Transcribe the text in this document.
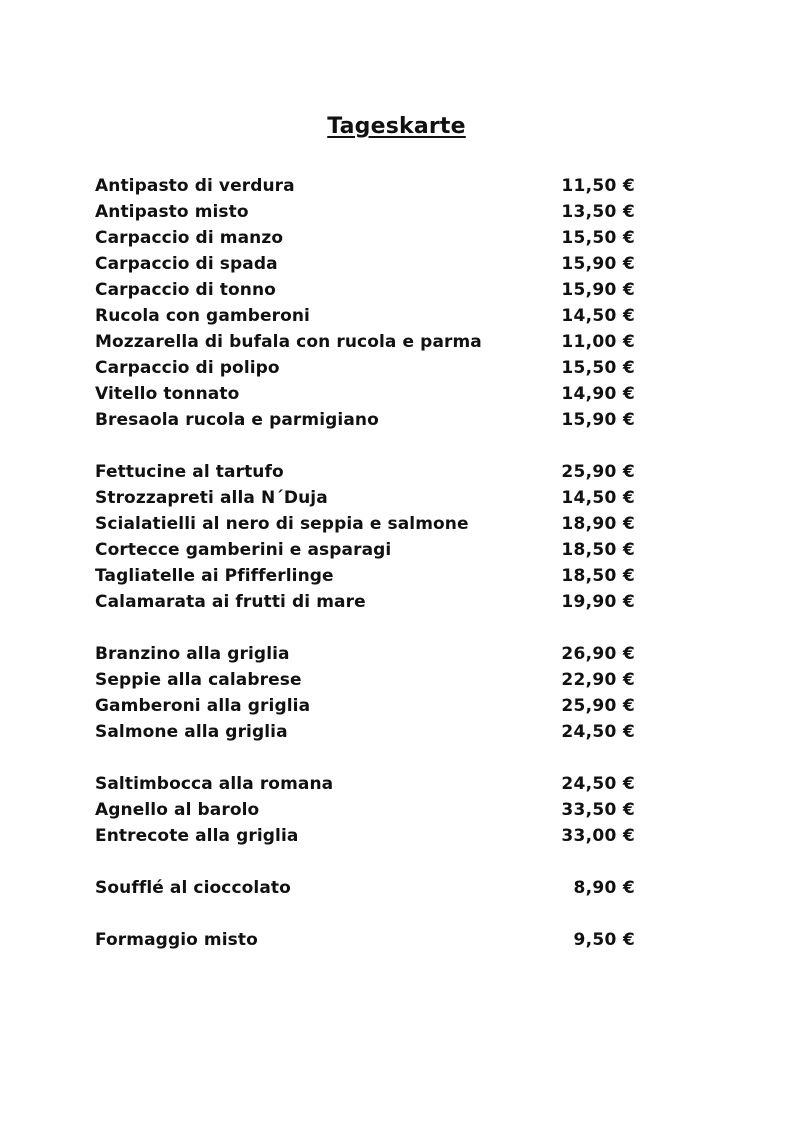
Tageskarte
Antipasto di verdura	11,50 €
Antipasto misto	13,50 €
Carpaccio di manzo	15,50 €
Carpaccio di spada	15,90 €
Carpaccio di tonno	15,90 €
Rucola con gamberoni	14,50 €
Mozzarella di bufala con rucola e parma	11,00 €
Carpaccio di polipo	15,50 €
Vitello tonnato	14,90 €
Bresaola rucola e parmigiano	15,90 €
Fettucine al tartufo	25,90 €
Strozzapreti alla N´Duja	14,50 €
Scialatielli al nero di seppia e salmone	18,90 €
Cortecce gamberini e asparagi	18,50 €
Tagliatelle ai Pfifferlinge	18,50 €
Calamarata ai frutti di mare	19,90 €
Branzino alla griglia	26,90 €
Seppie alla calabrese	22,90 €
Gamberoni alla griglia	25,90 €
Salmone alla griglia	24,50 €
Saltimbocca alla romana	24,50 €
Agnello al barolo	33,50 €
Entrecote alla griglia	33,00 €
Soufflé al cioccolato	8,90 €
Formaggio misto	9,50 €
